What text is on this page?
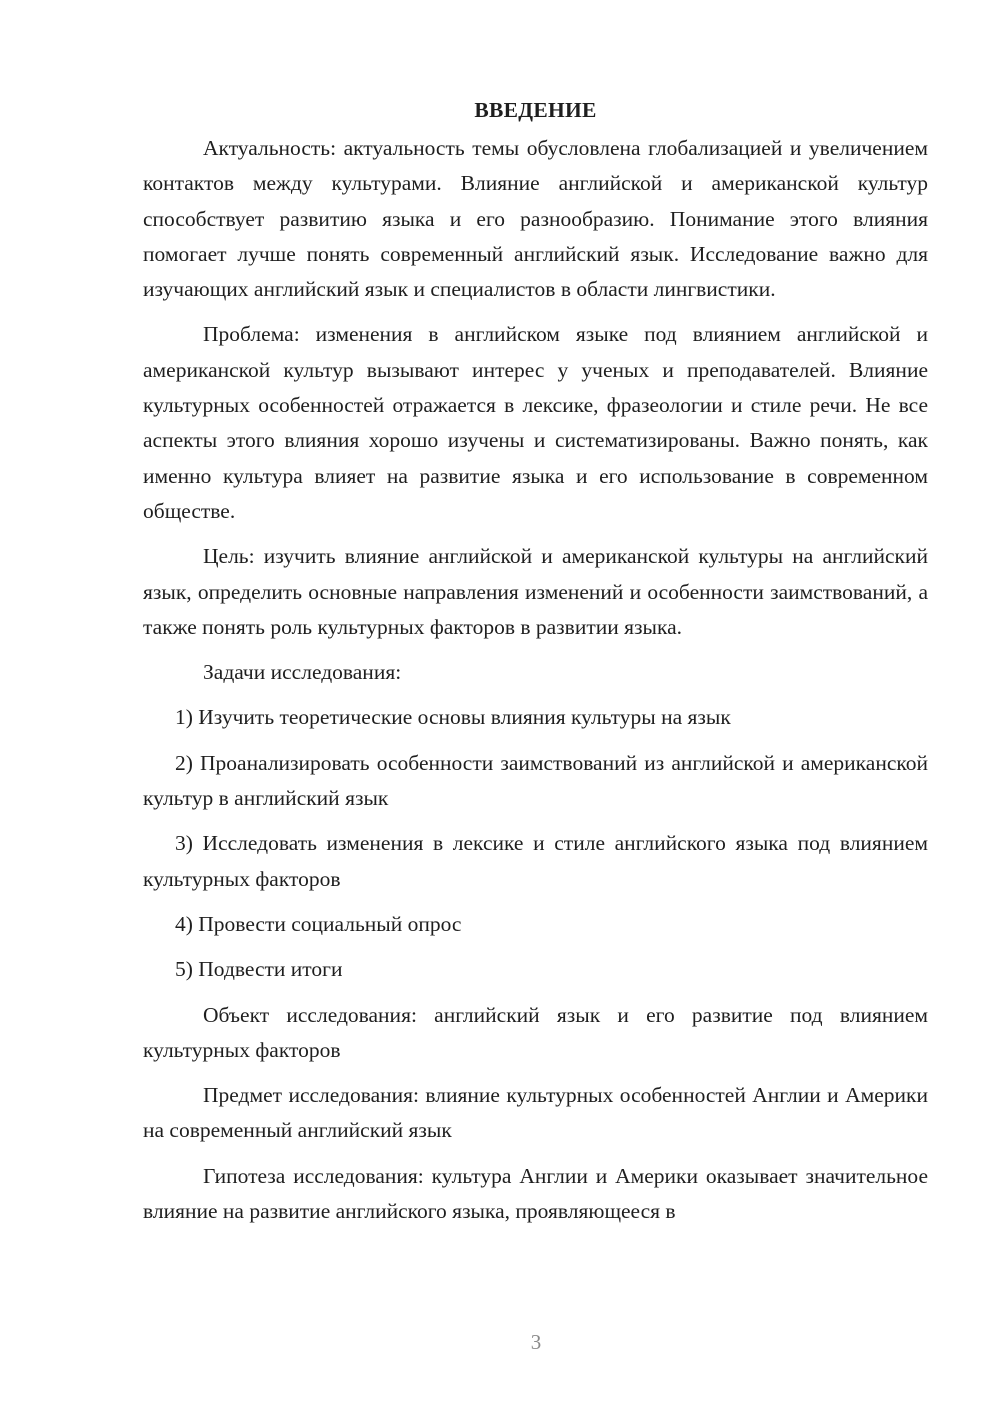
ВВЕДЕНИЕ

Актуальность: актуальность темы обусловлена глобализацией и увеличением контактов между культурами. Влияние английской и американской культур способствует развитию языка и его разнообразию. Понимание этого влияния помогает лучше понять современный английский язык. Исследование важно для изучающих английский язык и специалистов в области лингвистики.

Проблема: изменения в английском языке под влиянием английской и американской культур вызывают интерес у ученых и преподавателей. Влияние культурных особенностей отражается в лексике, фразеологии и стиле речи. Не все аспекты этого влияния хорошо изучены и систематизированы. Важно понять, как именно культура влияет на развитие языка и его использование в современном обществе.

Цель: изучить влияние английской и американской культуры на английский язык, определить основные направления изменений и особенности заимствований, а также понять роль культурных факторов в развитии языка.

Задачи исследования:

1) Изучить теоретические основы влияния культуры на язык

2) Проанализировать особенности заимствований из английской и американской культур в английский язык

3) Исследовать изменения в лексике и стиле английского языка под влиянием культурных факторов

4) Провести социальный опрос

5) Подвести итоги

Объект исследования: английский язык и его развитие под влиянием культурных факторов

Предмет исследования: влияние культурных особенностей Англии и Америки на современный английский язык

Гипотеза исследования: культура Англии и Америки оказывает значительное влияние на развитие английского языка, проявляющееся в

3
